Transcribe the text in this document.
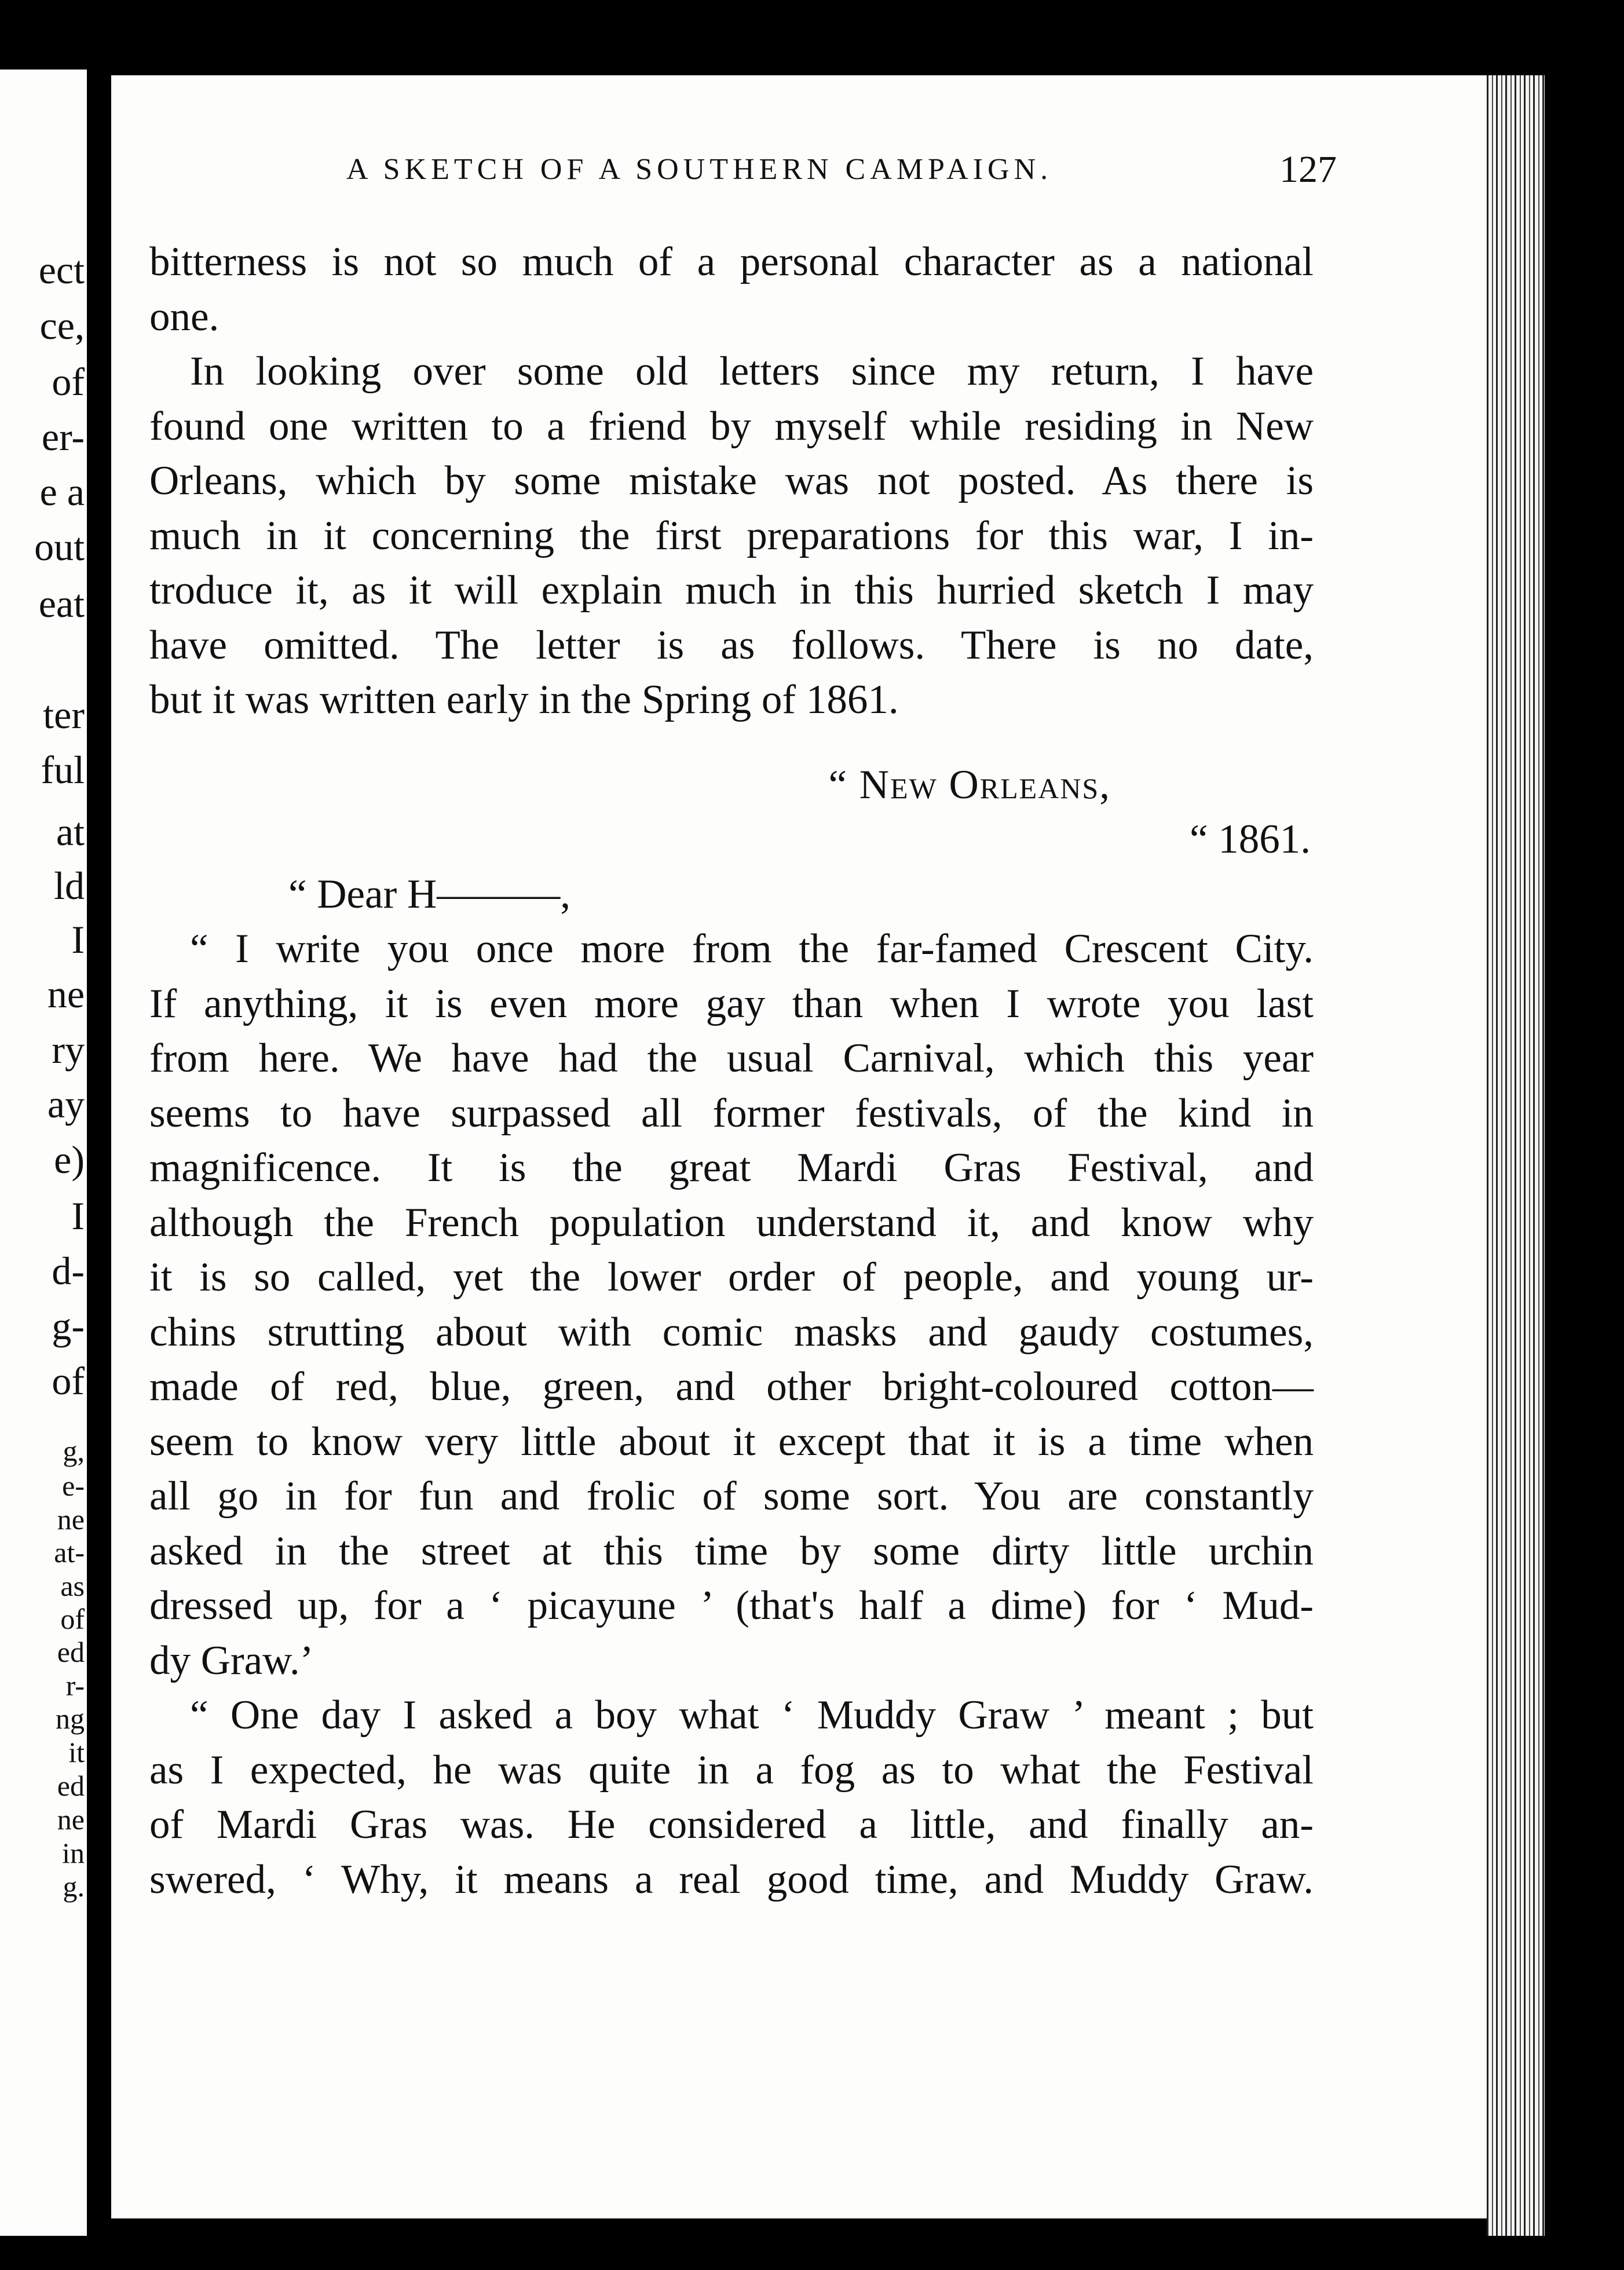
ect
ce,
of
er-
e a
out
eat
ter
ful
at
ld
I
ne
ry
ay
e)
I
d-
g-
of
g,
e-
ne
at-
as
of
ed
r-
ng
it
ed
ne
in
g.
A SKETCH OF A SOUTHERN CAMPAIGN.	127
bitterness is not so much of a personal character as a national
one.
In looking over some old letters since my return, I have
found one written to a friend by myself while residing in New
Orleans, which by some mistake was not posted. As there is
much in it concerning the first preparations for this war, I in-
troduce it, as it will explain much in this hurried sketch I may
have omitted. The letter is as follows. There is no date,
but it was written early in the Spring of 1861.
“ New Orleans,
“ 1861.
“ Dear H———,
“ I write you once more from the far-famed Crescent City.
If anything, it is even more gay than when I wrote you last
from here. We have had the usual Carnival, which this year
seems to have surpassed all former festivals, of the kind in
magnificence. It is the great Mardi Gras Festival, and
although the French population understand it, and know why
it is so called, yet the lower order of people, and young ur-
chins strutting about with comic masks and gaudy costumes,
made of red, blue, green, and other bright-coloured cotton—
seem to know very little about it except that it is a time when
all go in for fun and frolic of some sort. You are constantly
asked in the street at this time by some dirty little urchin
dressed up, for a ‘ picayune ’ (that's half a dime) for ‘ Mud-
dy Graw.’
“ One day I asked a boy what ‘ Muddy Graw ’ meant ; but
as I expected, he was quite in a fog as to what the Festival
of Mardi Gras was. He considered a little, and finally an-
swered, ‘ Why, it means a real good time, and Muddy Graw.
